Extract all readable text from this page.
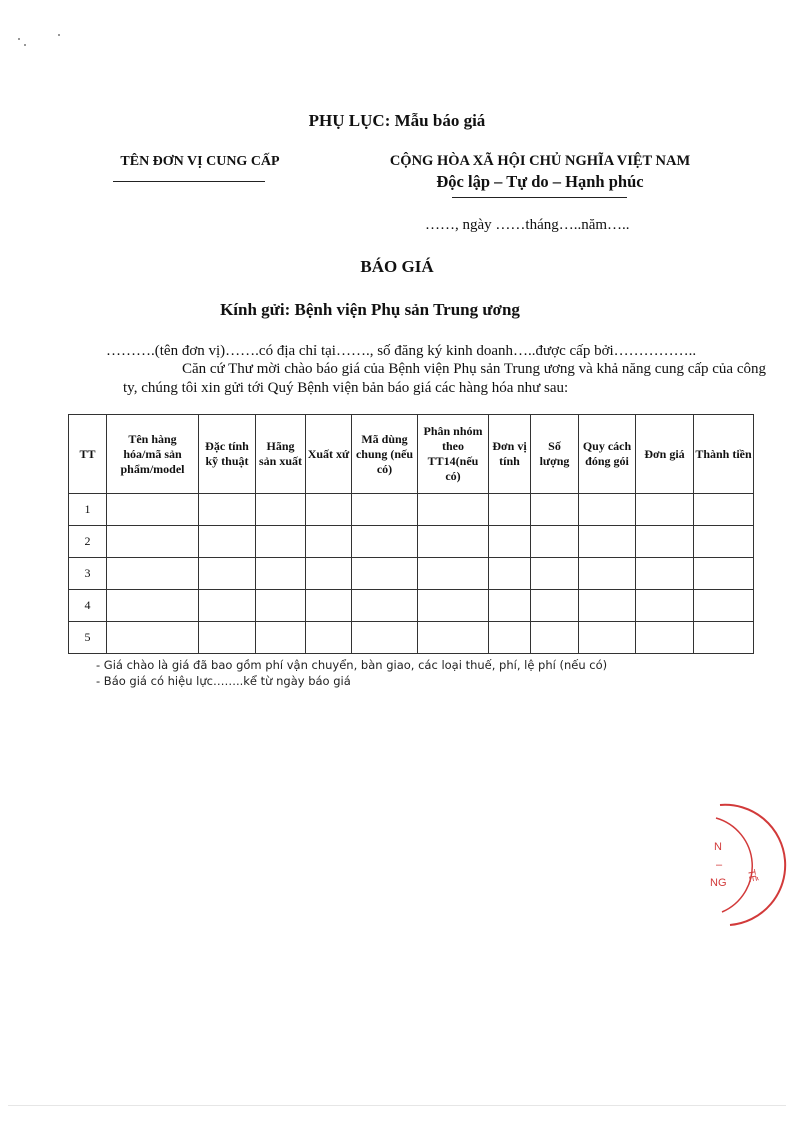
PHỤ LỤC: Mẫu báo giá
TÊN ĐƠN VỊ CUNG CẤP	CỘNG HÒA XÃ HỘI CHỦ NGHĨA VIỆT NAM
Độc lập – Tự do – Hạnh phúc
……, ngày ……tháng…..năm…..
BÁO GIÁ
Kính gửi: Bệnh viện Phụ sản Trung ương
……….(tên đơn vị)…….có địa chỉ tại……., số đăng ký kinh doanh…..được cấp bởi……………..
Căn cứ Thư mời chào báo giá của Bệnh viện Phụ sản Trung ương và khả năng cung cấp của công
ty, chúng tôi xin gửi tới Quý Bệnh viện bản báo giá các hàng hóa như sau:
TT	Tên hàng hóa/mã sản phẩm/model	Đặc tính kỹ thuật	Hãng sản xuất	Xuất xứ	Mã dùng chung (nếu có)	Phân nhóm theo TT14(nếu có)	Đơn vị tính	Số lượng	Quy cách đóng gói	Đơn giá	Thành tiền
1											
2											
3											
4											
5											
- Giá chào là giá đã bao gồm phí vận chuyển, bàn giao, các loại thuế, phí, lệ phí (nếu có)
- Báo giá có hiệu lực……..kể từ ngày báo giá
N
–
NG TẾ
